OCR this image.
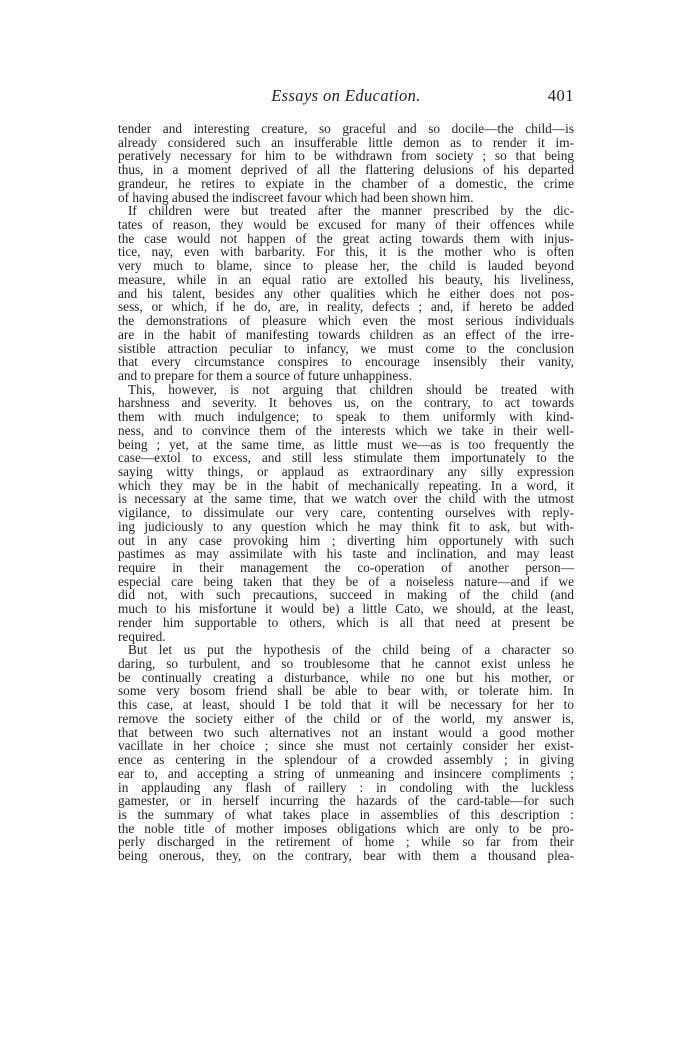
Essays on Education.	401
tender and interesting creature, so graceful and so docile—the child—is
already considered such an insufferable little demon as to render it im-
peratively necessary for him to be withdrawn from society ; so that being
thus, in a moment deprived of all the flattering delusions of his departed
grandeur, he retires to expiate in the chamber of a domestic, the crime
of having abused the indiscreet favour which had been shown him.
If children were but treated after the manner prescribed by the dic-
tates of reason, they would be excused for many of their offences while
the case would not happen of the great acting towards them with injus-
tice, nay, even with barbarity. For this, it is the mother who is often
very much to blame, since to please her, the child is lauded beyond
measure, while in an equal ratio are extolled his beauty, his liveliness,
and his talent, besides any other qualities which he either does not pos-
sess, or which, if he do, are, in reality, defects ; and, if hereto be added
the demonstrations of pleasure which even the most serious individuals
are in the habit of manifesting towards children as an effect of the irre-
sistible attraction peculiar to infancy, we must come to the conclusion
that every circumstance conspires to encourage insensibly their vanity,
and to prepare for them a source of future unhappiness.
This, however, is not arguing that children should be treated with
harshness and severity. It behoves us, on the contrary, to act towards
them with much indulgence; to speak to them uniformly with kind-
ness, and to convince them of the interests which we take in their well-
being ; yet, at the same time, as little must we—as is too frequently the
case—extol to excess, and still less stimulate them importunately to the
saying witty things, or applaud as extraordinary any silly expression
which they may be in the habit of mechanically repeating. In a word, it
is necessary at the same time, that we watch over the child with the utmost
vigilance, to dissimulate our very care, contenting ourselves with reply-
ing judiciously to any question which he may think fit to ask, but with-
out in any case provoking him ; diverting him opportunely with such
pastimes as may assimilate with his taste and inclination, and may least
require in their management the co-operation of another person—
especial care being taken that they be of a noiseless nature—and if we
did not, with such precautions, succeed in making of the child (and
much to his misfortune it would be) a little Cato, we should, at the least,
render him supportable to others, which is all that need at present be
required.
But let us put the hypothesis of the child being of a character so
daring, so turbulent, and so troublesome that he cannot exist unless he
be continually creating a disturbance, while no one but his mother, or
some very bosom friend shall be able to bear with, or tolerate him. In
this case, at least, should I be told that it will be necessary for her to
remove the society either of the child or of the world, my answer is,
that between two such alternatives not an instant would a good mother
vacillate in her choice ; since she must not certainly consider her exist-
ence as centering in the splendour of a crowded assembly ; in giving
ear to, and accepting a string of unmeaning and insincere compliments ;
in applauding any flash of raillery : in condoling with the luckless
gamester, or in herself incurring the hazards of the card-table—for such
is the summary of what takes place in assemblies of this description :
the noble title of mother imposes obligations which are only to be pro-
perly discharged in the retirement of home ; while so far from their
being onerous, they, on the contrary, bear with them a thousand plea-
